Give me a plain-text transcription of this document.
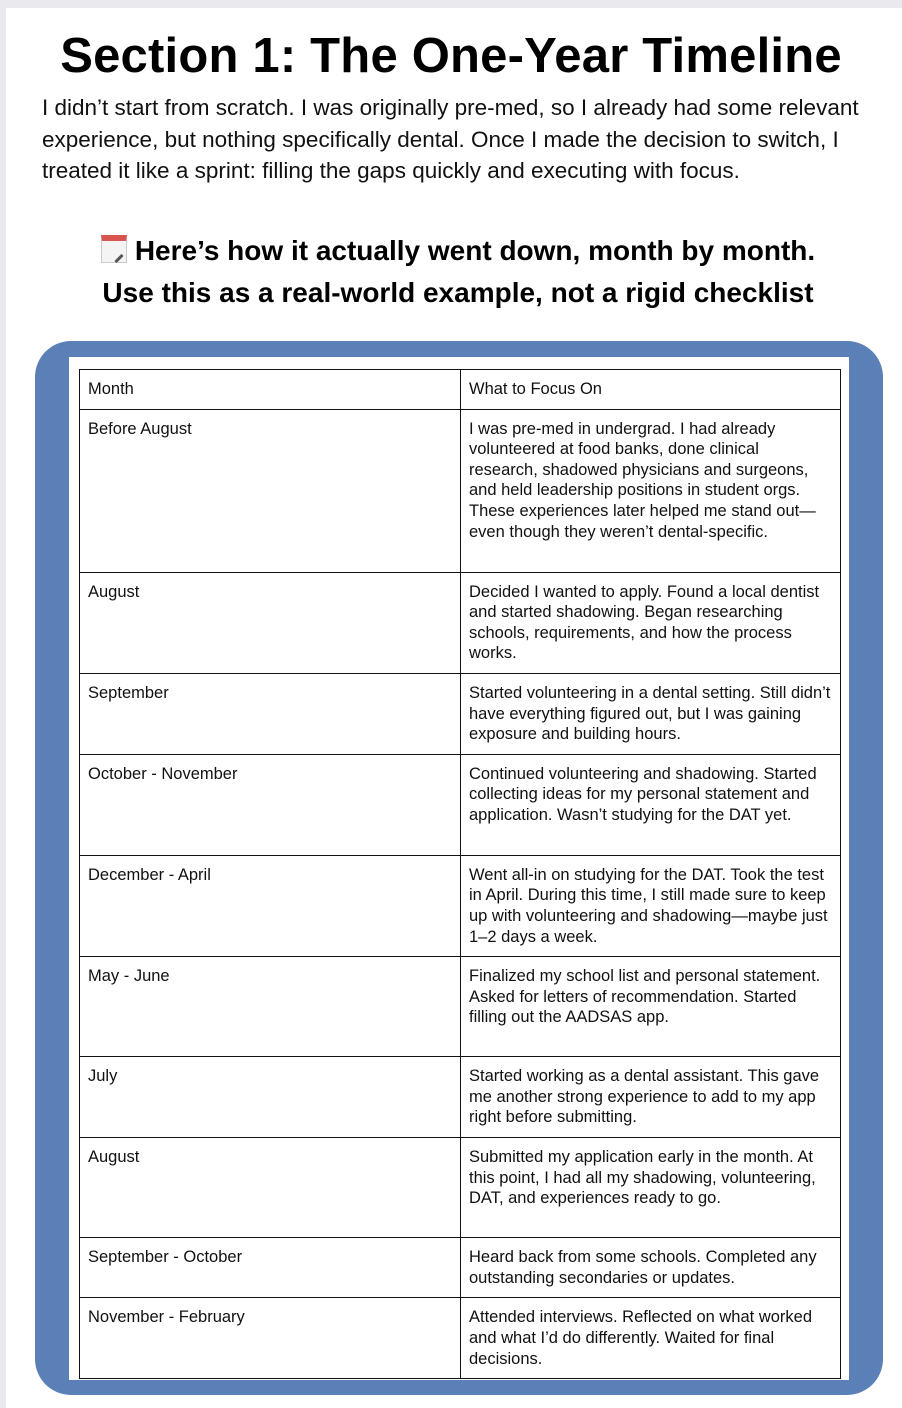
Section 1: The One-Year Timeline

I didn’t start from scratch. I was originally pre-med, so I already had some relevant experience, but nothing specifically dental. Once I made the decision to switch, I treated it like a sprint: filling the gaps quickly and executing with focus.

Here’s how it actually went down, month by month.
Use this as a real-world example, not a rigid checklist
Month	What to Focus On
Before August	I was pre-med in undergrad. I had already volunteered at food banks, done clinical research, shadowed physicians and surgeons, and held leadership positions in student orgs. These experiences later helped me stand out—even though they weren’t dental-specific.
August	Decided I wanted to apply. Found a local dentist and started shadowing. Began researching schools, requirements, and how the process works.
September	Started volunteering in a dental setting. Still didn’t have everything figured out, but I was gaining exposure and building hours.
October - November	Continued volunteering and shadowing. Started collecting ideas for my personal statement and application. Wasn’t studying for the DAT yet.
December - April	Went all-in on studying for the DAT. Took the test in April. During this time, I still made sure to keep up with volunteering and shadowing—maybe just 1–2 days a week.
May - June	Finalized my school list and personal statement. Asked for letters of recommendation. Started filling out the AADSAS app.
July	Started working as a dental assistant. This gave me another strong experience to add to my app right before submitting.
August	Submitted my application early in the month. At this point, I had all my shadowing, volunteering, DAT, and experiences ready to go.
September - October	Heard back from some schools. Completed any outstanding secondaries or updates.
November - February	Attended interviews. Reflected on what worked and what I’d do differently. Waited for final decisions.
